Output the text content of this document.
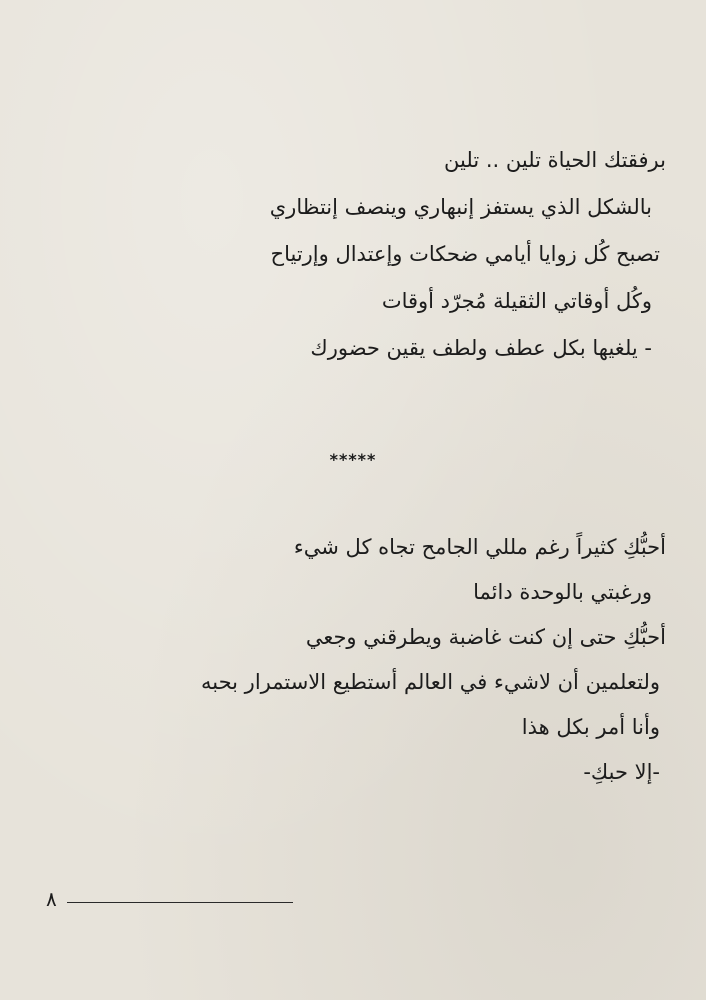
برفقتك الحياة تلين .. تلين
بالشكل الذي يستفز إنبهاري وينصف إنتظاري
تصبح كُل زوايا أيامي ضحكات وإعتدال وإرتياح
وكُل أوقاتي الثقيلة مُجرّد أوقات
- يلغيها بكل عطف ولطف يقين حضورك
*****
أحبُّكِ كثيراً رغم مللي الجامح تجاه كل شيء
ورغبتي بالوحدة دائما
أحبُّكِ حتى إن كنت غاضبة ويطرقني وجعي
ولتعلمين أن لاشيء في العالم أستطيع الاستمرار بحبه
وأنا أمر بكل هذا
-إلا حبكِ-
٨
